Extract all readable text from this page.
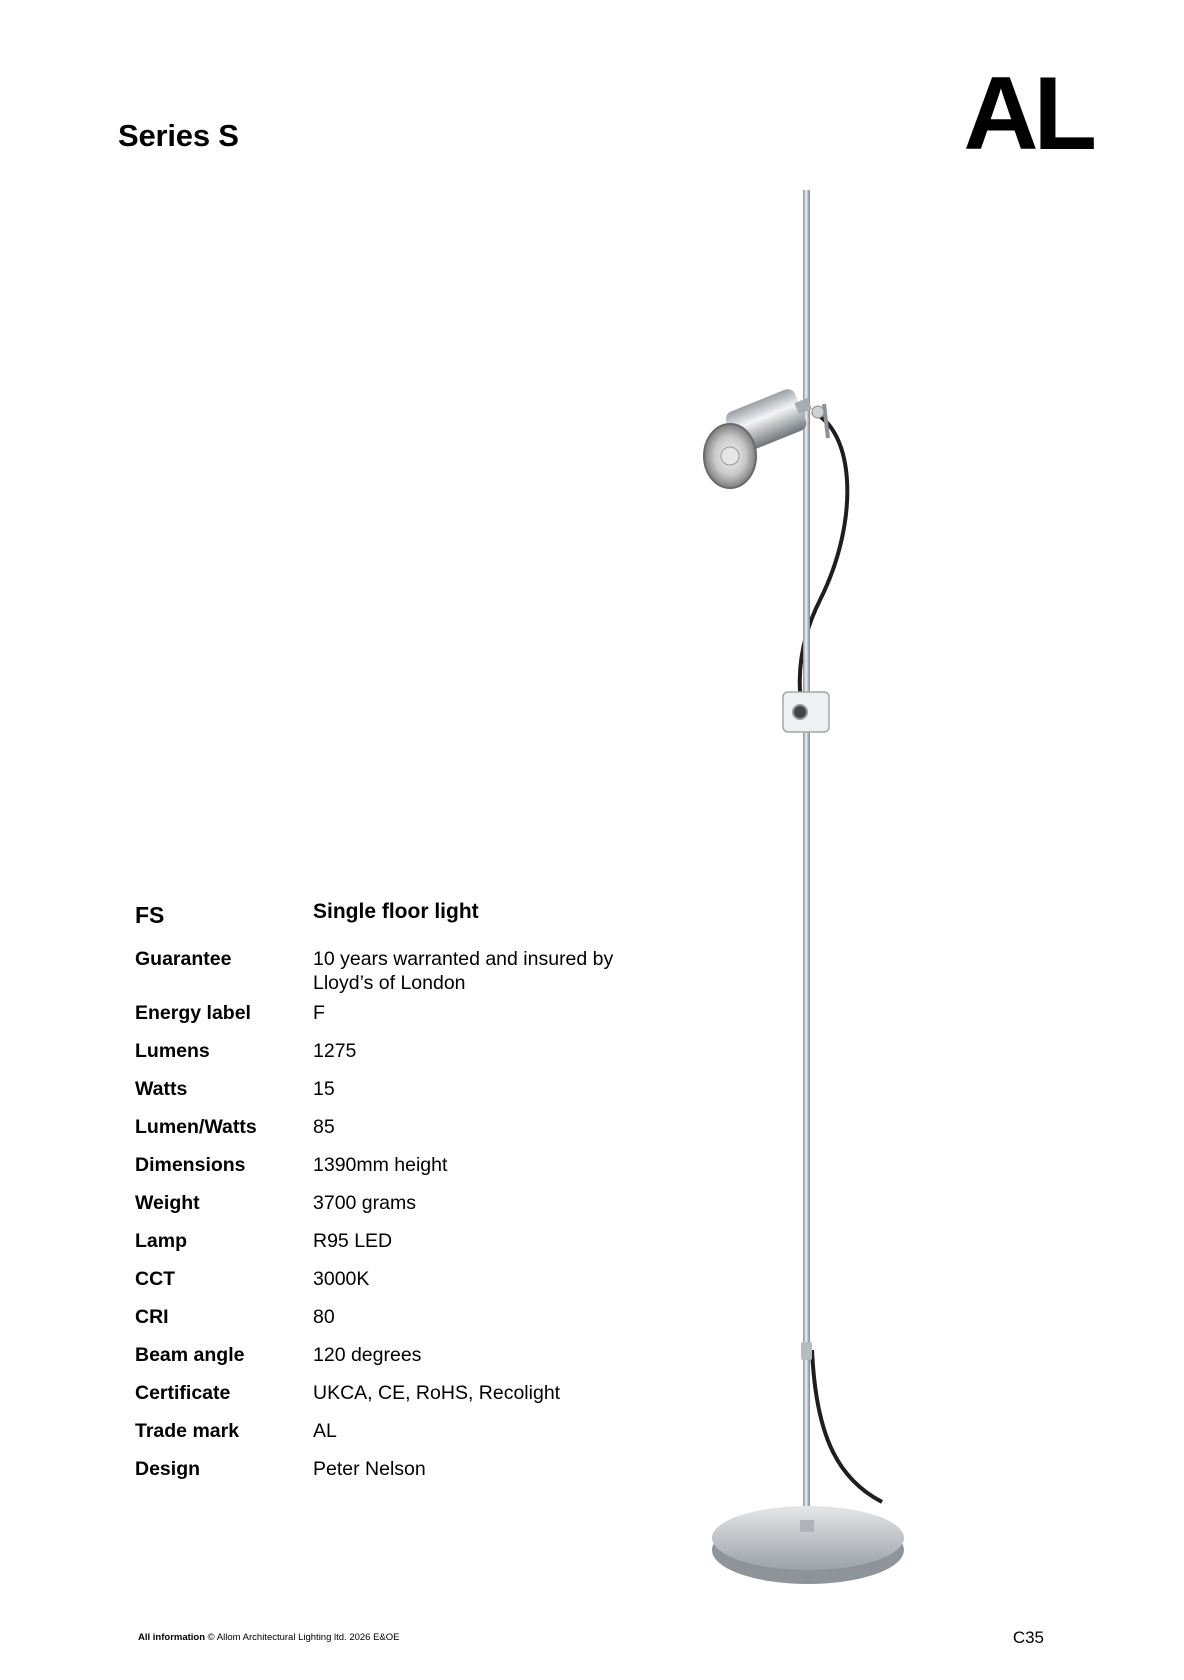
Series S	AL
FS	Single floor light
Guarantee	10 years warranted and insured by Lloyd’s of London
Energy label	F
Lumens	1275
Watts	15
Lumen/Watts	85
Dimensions	1390mm height
Weight	3700 grams
Lamp	R95 LED
CCT	3000K
CRI	80
Beam angle	120 degrees
Certificate	UKCA, CE, RoHS, Recolight
Trade mark	AL
Design	Peter Nelson
All information © Allom Architectural Lighting ltd. 2026 E&OE	C35
